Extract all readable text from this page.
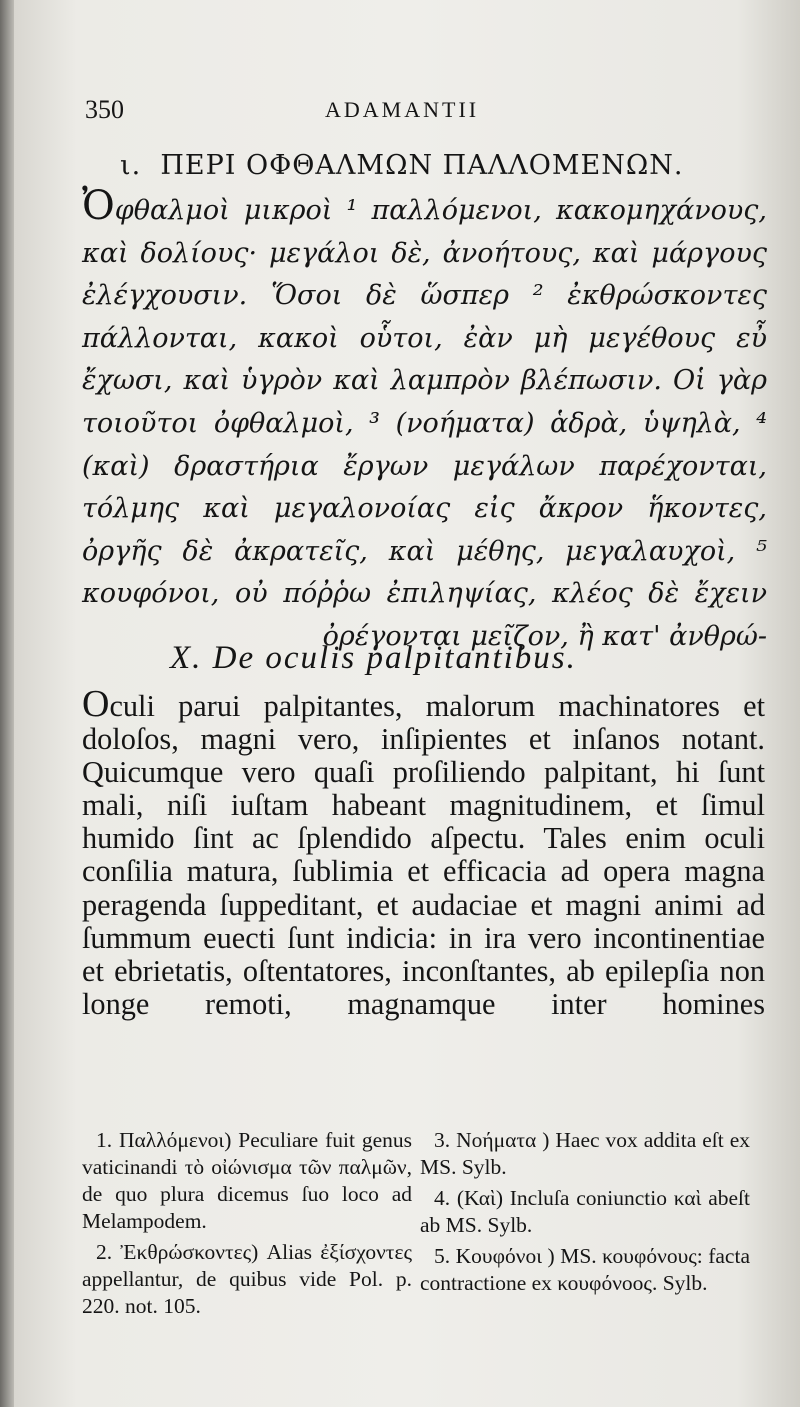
350	ADAMANTII
ι. ΠΕΡΙ ΟΦΘΑΛΜΩΝ ΠΑΛΛΟΜΕΝΩΝ.
Ὀφθαλμοὶ μικροὶ ¹ παλλόμενοι, κακομηχάνους, καὶ δολίους· μεγάλοι δὲ, ἀνοήτους, καὶ μάργους ἐλέγχουσιν. Ὅσοι δὲ ὥσπερ ² ἐκθρώσκοντες πάλλονται, κακοὶ οὗτοι, ἐὰν μὴ μεγέθους εὖ ἔχωσι, καὶ ὑγρὸν καὶ λαμπρὸν βλέπωσιν. Οἱ γὰρ τοιοῦτοι ὀφθαλμοὶ, ³ (νοήματα) ἁδρὰ, ὑψηλὰ, ⁴ (καὶ) δραστήρια ἔργων μεγάλων παρέχονται, τόλμης καὶ μεγαλονοίας εἰς ἄκρον ἥκοντες, ὀργῆς δὲ ἀκρατεῖς, καὶ μέθης, μεγαλαυχοὶ, ⁵ κουφόνοι, οὐ πόῤῥω ἐπιληψίας, κλέος δὲ ἔχειν ὀρέγονται μεῖζον, ἢ κατ' ἀνθρώ-
X. De oculis palpitantibus.
Oculi parui palpitantes, malorum machinatores et doloſos, magni vero, inſipientes et inſanos notant. Quicumque vero quaſi proſiliendo palpitant, hi ſunt mali, niſi iuſtam habeant magnitudinem, et ſimul humido ſint ac ſplendido aſpectu. Tales enim oculi conſilia matura, ſublimia et efficacia ad opera magna peragenda ſuppeditant, et audaciae et magni animi ad ſummum euecti ſunt indicia: in ira vero incontinentiae et ebrietatis, oſtentatores, inconſtantes, ab epilepſia non longe remoti, magnamque inter homines
1. Παλλόμενοι) Peculiare fuit genus vaticinandi τὸ οἰώνισμα τῶν παλμῶν, de quo plura dicemus ſuo loco ad Melampodem.
2. Ἐκθρώσκοντες) Alias ἐξίσχοντες appellantur, de quibus vide Pol. p. 220. not. 105.
3. Νοήματα ) Haec vox addita eſt ex MS. Sylb.
4. (Καὶ) Incluſa coniunctio καὶ abeſt ab MS. Sylb.
5. Κουφόνοι ) MS. κουφόνους: facta contractione ex κουφόνοος. Sylb.
